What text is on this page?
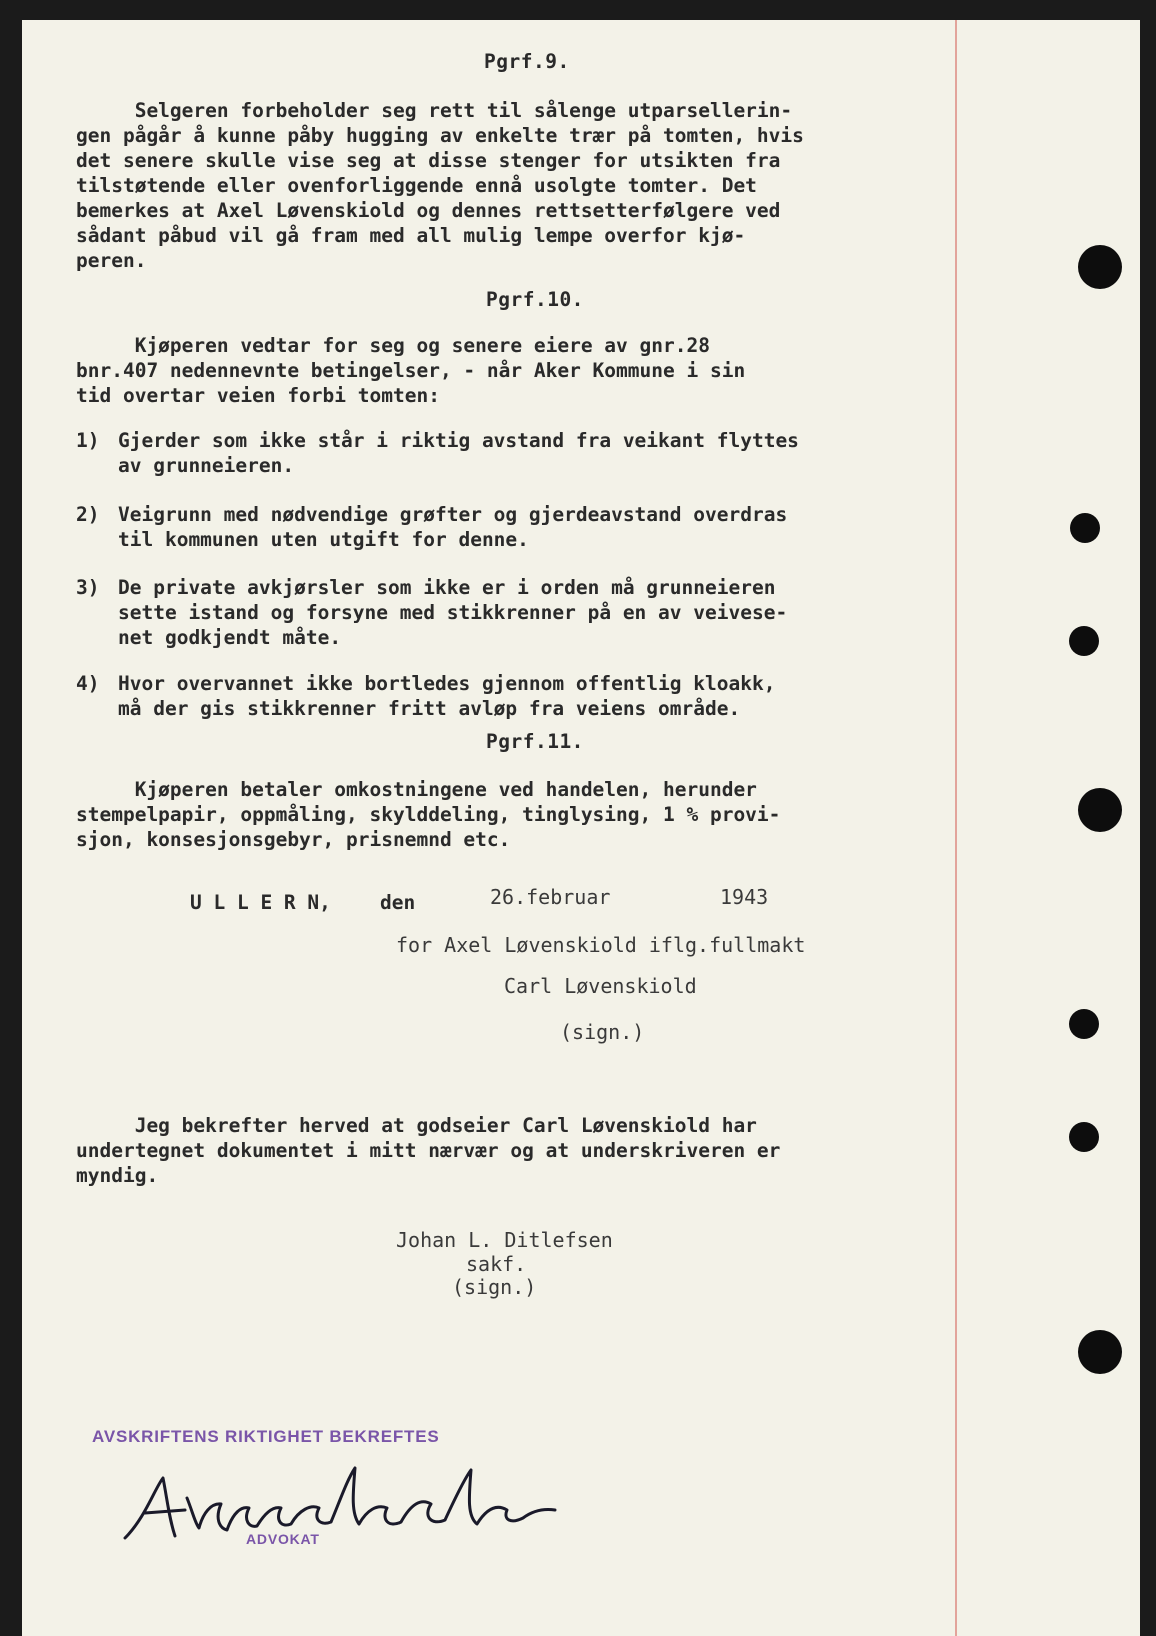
Pgrf.9.

Selgeren forbeholder seg rett til sålenge utparsellerin-

gen pågår å kunne påby hugging av enkelte trær på tomten, hvis

det senere skulle vise seg at disse stenger for utsikten fra

tilstøtende eller ovenforliggende ennå usolgte tomter. Det

bemerkes at Axel Løvenskiold og dennes rettsetterfølgere ved

sådant påbud vil gå fram med all mulig lempe overfor kjø-

peren.

Pgrf.10.

Kjøperen vedtar for seg og senere eiere av gnr.28

bnr.407 nedennevnte betingelser, - når Aker Kommune i sin

tid overtar veien forbi tomten:

1) Gjerder som ikke står i riktig avstand fra veikant flyttes

av grunneieren.

2) Veigrunn med nødvendige grøfter og gjerdeavstand overdras

til kommunen uten utgift for denne.

3) De private avkjørsler som ikke er i orden må grunneieren

sette istand og forsyne med stikkrenner på en av veivese-

net godkjendt måte.

4) Hvor overvannet ikke bortledes gjennom offentlig kloakk,

må der gis stikkrenner fritt avløp fra veiens område.

Pgrf.11.

Kjøperen betaler omkostningene ved handelen, herunder

stempelpapir, oppmåling, skylddeling, tinglysing, 1 % provi-

sjon, konsesjonsgebyr, prisnemnd etc.

U L L E R N,	den	26.februar	1943

for Axel Løvenskiold iflg.fullmakt

Carl Løvenskiold

(sign.)

Jeg bekrefter herved at godseier Carl Løvenskiold har

undertegnet dokumentet i mitt nærvær og at underskriveren er

myndig.

Johan L. Ditlefsen

sakf.

(sign.)

AVSKRIFTENS RIKTIGHET BEKREFTES

ADVOKAT
